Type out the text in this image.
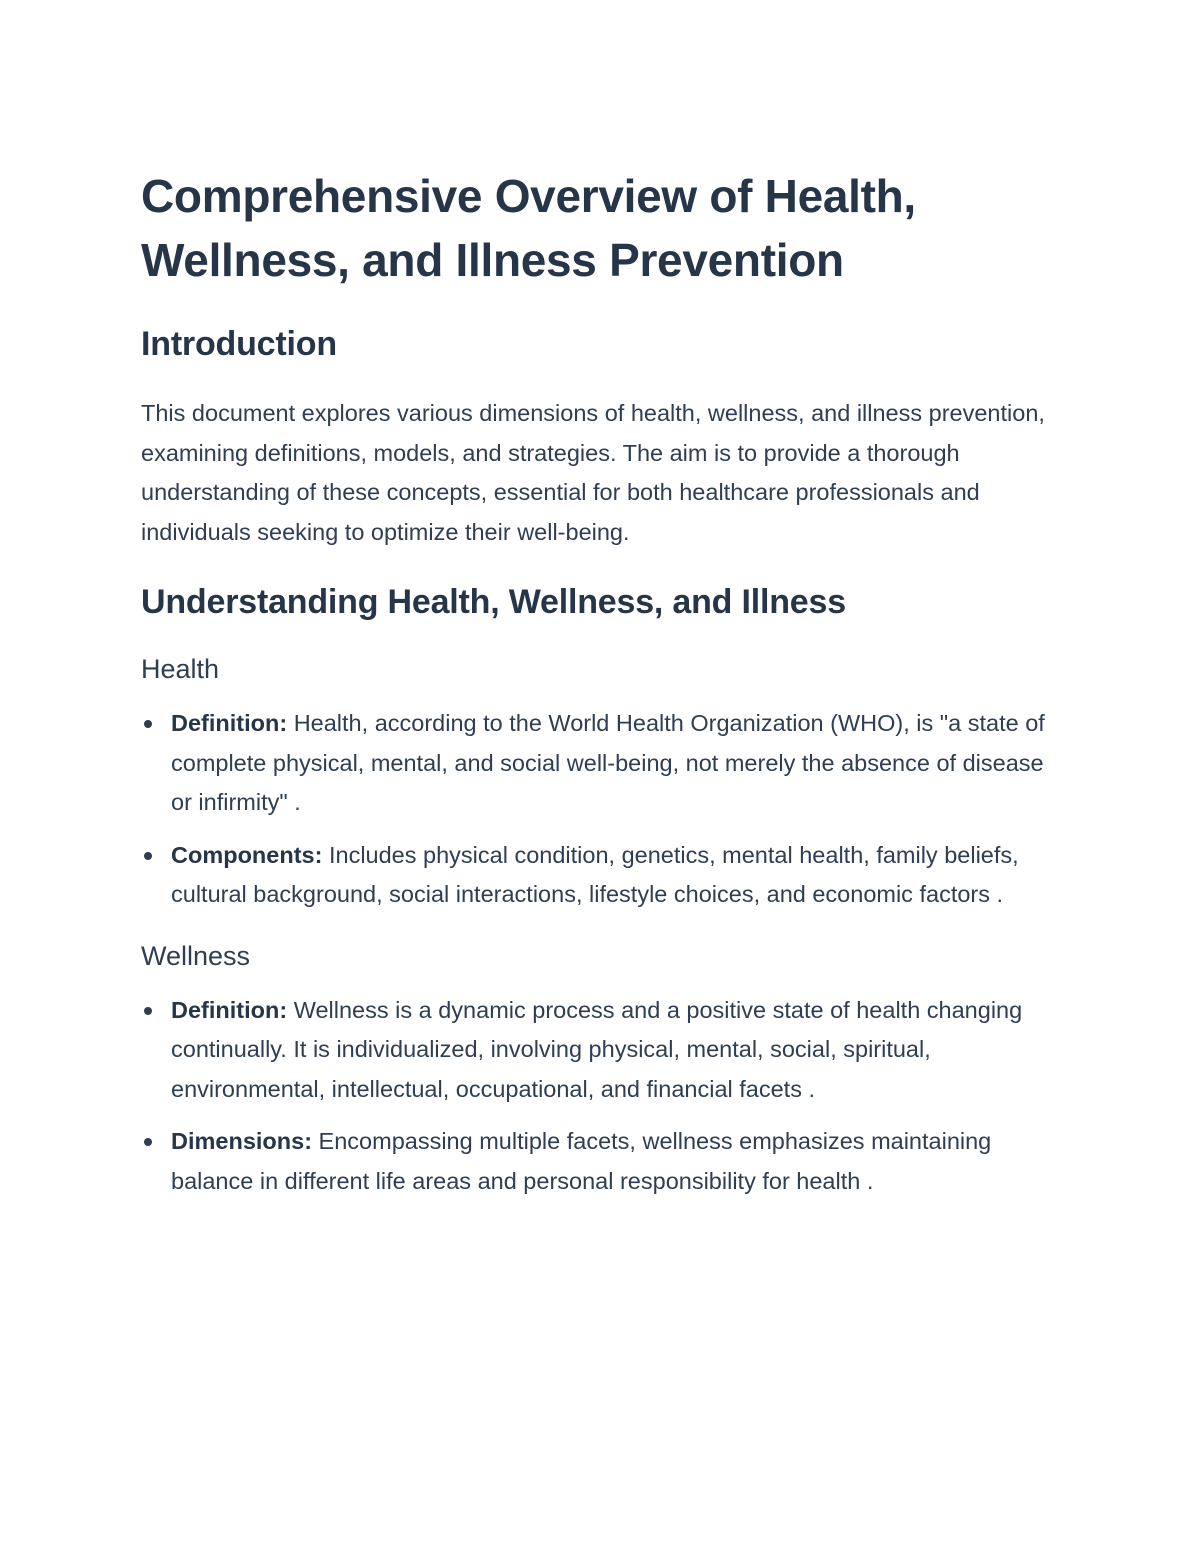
Comprehensive Overview of Health, Wellness, and Illness Prevention
Introduction

This document explores various dimensions of health, wellness, and illness prevention, examining definitions, models, and strategies. The aim is to provide a thorough understanding of these concepts, essential for both healthcare professionals and individuals seeking to optimize their well-being.

Understanding Health, Wellness, and Illness
Health
Definition: Health, according to the World Health Organization (WHO), is "a state of complete physical, mental, and social well-being, not merely the absence of disease or infirmity" .
Components: Includes physical condition, genetics, mental health, family beliefs, cultural background, social interactions, lifestyle choices, and economic factors .
Wellness
Definition: Wellness is a dynamic process and a positive state of health changing continually. It is individualized, involving physical, mental, social, spiritual, environmental, intellectual, occupational, and financial facets .
Dimensions: Encompassing multiple facets, wellness emphasizes maintaining balance in different life areas and personal responsibility for health .
